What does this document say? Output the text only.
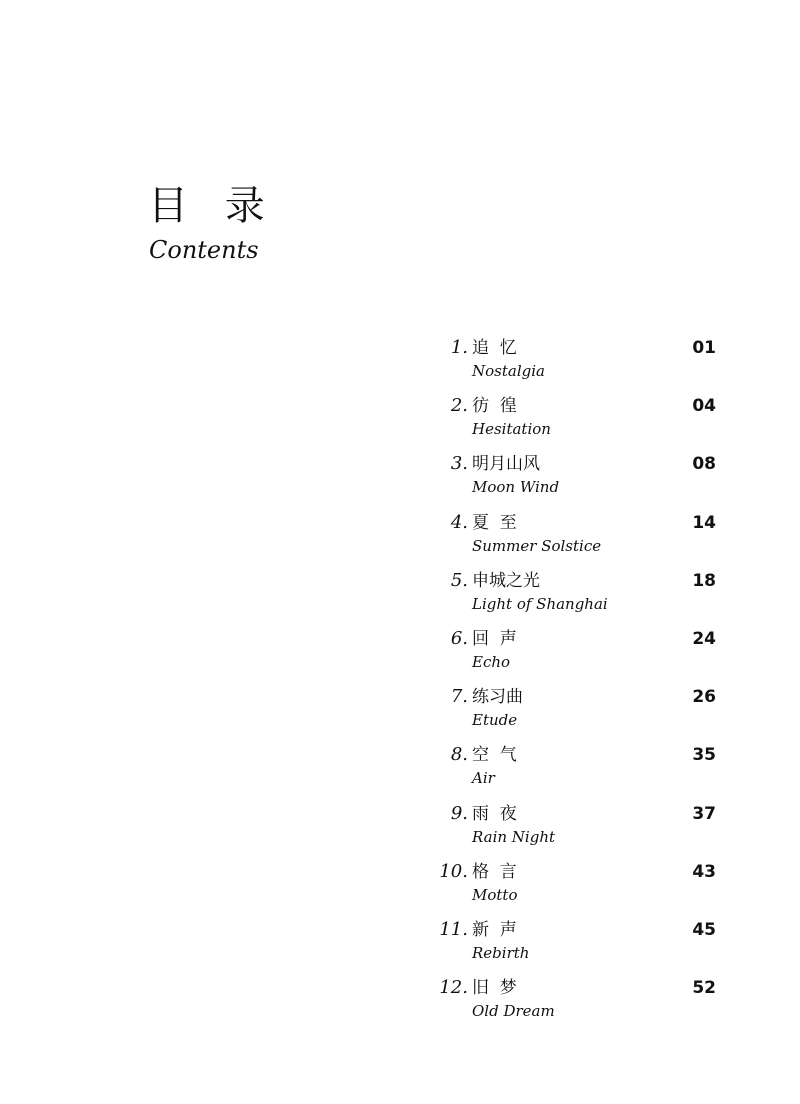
目 录
Contents
1. 追  忆
Nostalgia
01
2. 彷  徨
Hesitation
04
3. 明月山风
Moon Wind
08
4. 夏  至
Summer Solstice
14
5. 申城之光
Light of Shanghai
18
6. 回  声
Echo
24
7. 练习曲
Etude
26
8. 空  气
Air
35
9. 雨  夜
Rain Night
37
10. 格  言
Motto
43
11. 新  声
Rebirth
45
12. 旧  梦
Old Dream
52
